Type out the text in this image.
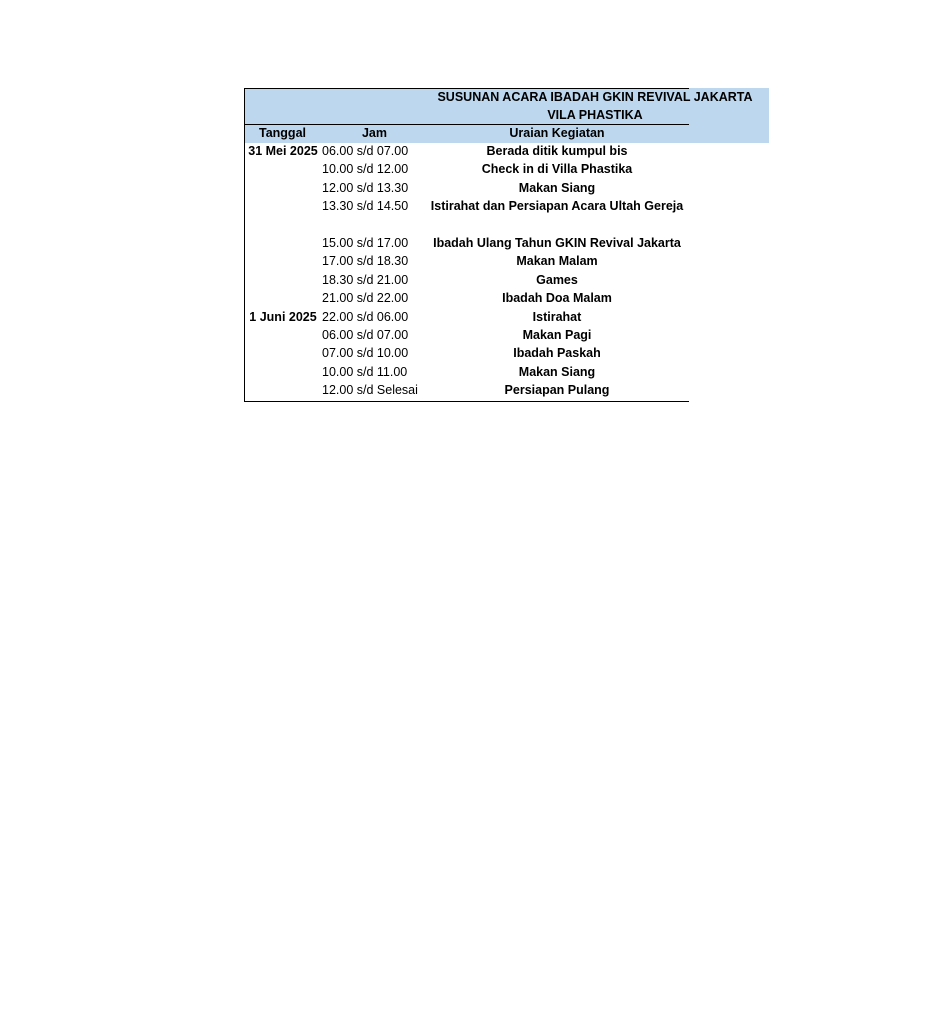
SUSUNAN ACARA IBADAH GKIN REVIVAL JAKARTA
VILA PHASTIKA
Tanggal	Jam	Uraian Kegiatan
31 Mei 2025 06.00 s/d 07.00	Berada ditik kumpul bis
10.00 s/d 12.00	Check in di Villa Phastika
12.00 s/d 13.30	Makan Siang
13.30 s/d 14.50	Istirahat dan Persiapan Acara Ultah Gereja
15.00 s/d 17.00	Ibadah Ulang Tahun GKIN Revival Jakarta
17.00 s/d 18.30	Makan Malam
18.30 s/d 21.00	Games
21.00 s/d 22.00	Ibadah Doa Malam
1 Juni 2025 22.00 s/d 06.00	Istirahat
06.00 s/d 07.00	Makan Pagi
07.00 s/d 10.00	Ibadah Paskah
10.00 s/d 11.00	Makan Siang
12.00 s/d Selesai	Persiapan Pulang
